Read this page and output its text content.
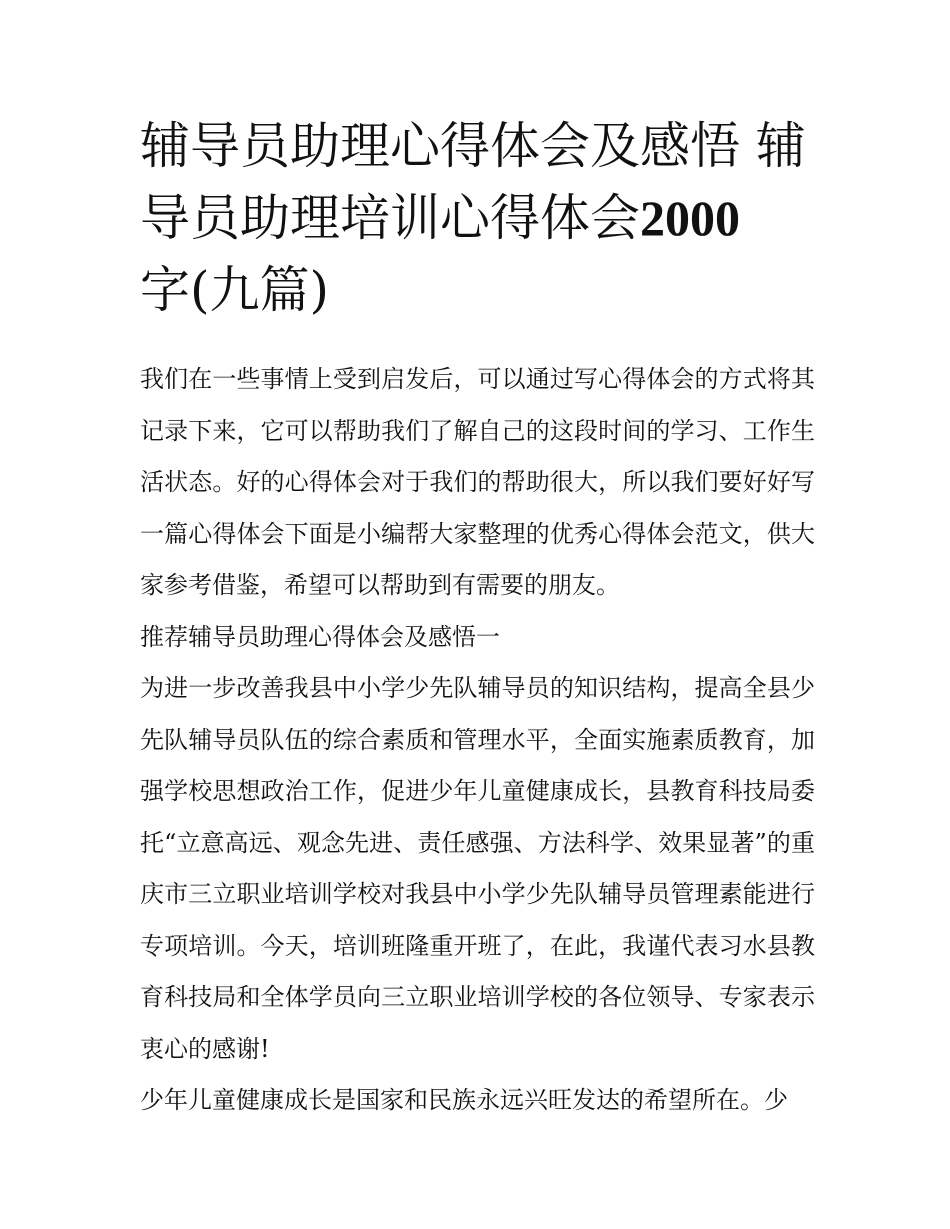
辅导员助理心得体会及感悟 辅导员助理培训心得体会2000
字(九篇)

我们在一些事情上受到启发后，可以通过写心得体会的方式将其记录下来，它可以帮助我们了解自己的这段时间的学习、工作生活状态。好的心得体会对于我们的帮助很大，所以我们要好好写一篇心得体会下面是小编帮大家整理的优秀心得体会范文，供大家参考借鉴，希望可以帮助到有需要的朋友。

推荐辅导员助理心得体会及感悟一

为进一步改善我县中小学少先队辅导员的知识结构，提高全县少先队辅导员队伍的综合素质和管理水平，全面实施素质教育，加强学校思想政治工作，促进少年儿童健康成长，县教育科技局委托“立意高远、观念先进、责任感强、方法科学、效果显著”的重庆市三立职业培训学校对我县中小学少先队辅导员管理素能进行专项培训。今天，培训班隆重开班了，在此，我谨代表习水县教育科技局和全体学员向三立职业培训学校的各位领导、专家表示衷心的感谢!

少年儿童健康成长是国家和民族永远兴旺发达的希望所在。少
